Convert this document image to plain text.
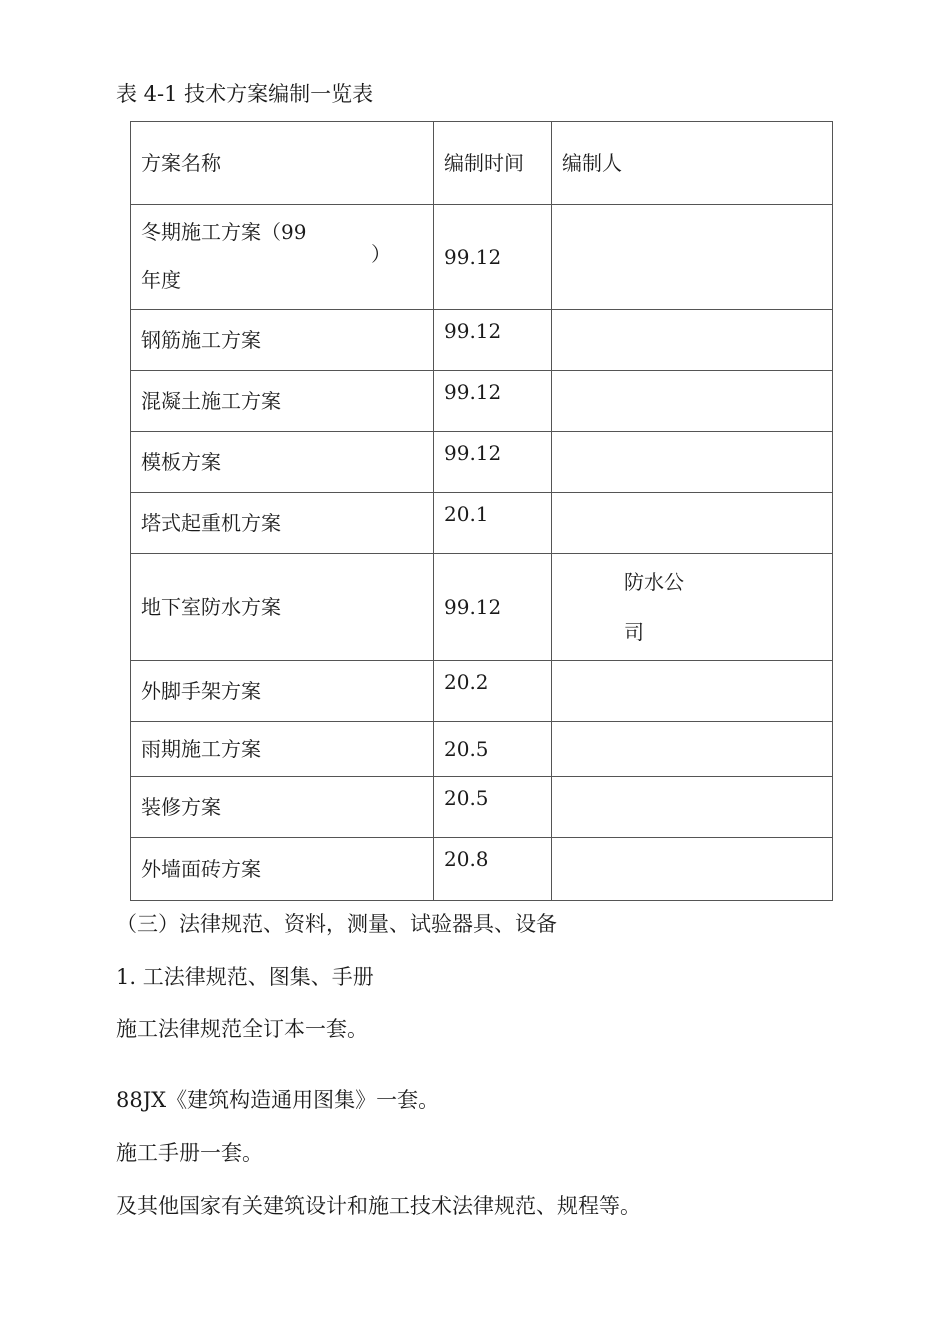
表 4-1 技术方案编制一览表
方案名称	编制时间	编制人

冬期施工方案（99
）
年度	99.12	
钢筋施工方案	99.12	
混凝土施工方案	99.12	
模板方案	99.12	
塔式起重机方案	20.1	
地下室防水方案	99.12	防水公
司

外脚手架方案	20.2	
雨期施工方案	20.5	
装修方案	20.5	
外墙面砖方案	20.8	
（三）法律规范、资料，测量、试验器具、设备
1. 工法律规范、图集、手册
施工法律规范全订本一套。
88JX《建筑构造通用图集》一套。
施工手册一套。
及其他国家有关建筑设计和施工技术法律规范、规程等。
